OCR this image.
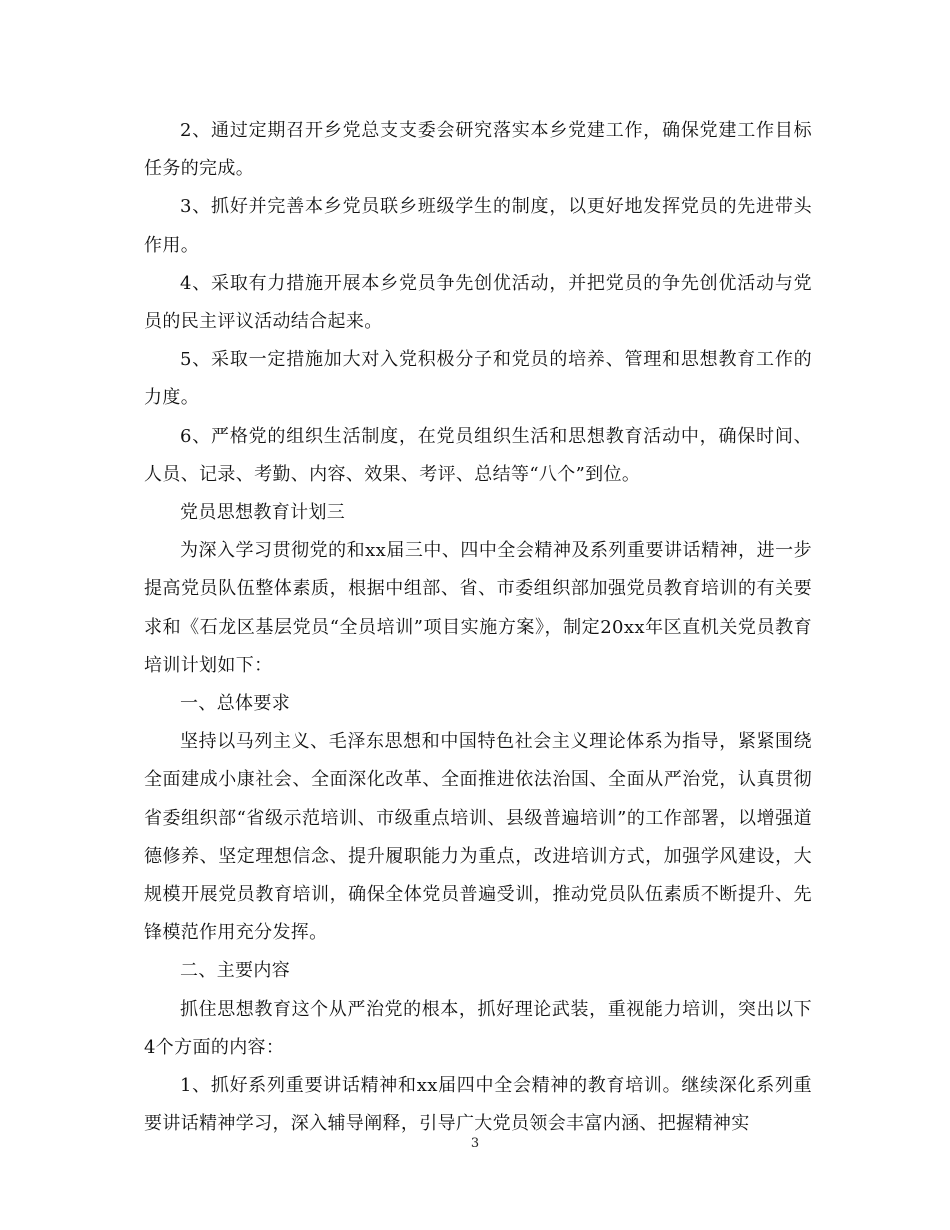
2、通过定期召开乡党总支支委会研究落实本乡党建工作，确保党建工作目标任务的完成。

3、抓好并完善本乡党员联乡班级学生的制度，以更好地发挥党员的先进带头作用。

4、采取有力措施开展本乡党员争先创优活动，并把党员的争先创优活动与党员的民主评议活动结合起来。

5、采取一定措施加大对入党积极分子和党员的培养、管理和思想教育工作的力度。

6、严格党的组织生活制度，在党员组织生活和思想教育活动中，确保时间、人员、记录、考勤、内容、效果、考评、总结等“八个”到位。

党员思想教育计划三

为深入学习贯彻党的和xx届三中、四中全会精神及系列重要讲话精神，进一步提高党员队伍整体素质，根据中组部、省、市委组织部加强党员教育培训的有关要求和《石龙区基层党员“全员培训”项目实施方案》，制定20xx年区直机关党员教育培训计划如下：

一、总体要求

坚持以马列主义、毛泽东思想和中国特色社会主义理论体系为指导，紧紧围绕全面建成小康社会、全面深化改革、全面推进依法治国、全面从严治党，认真贯彻省委组织部“省级示范培训、市级重点培训、县级普遍培训”的工作部署，以增强道德修养、坚定理想信念、提升履职能力为重点，改进培训方式，加强学风建设，大规模开展党员教育培训，确保全体党员普遍受训，推动党员队伍素质不断提升、先锋模范作用充分发挥。

二、主要内容

抓住思想教育这个从严治党的根本，抓好理论武装，重视能力培训，突出以下4个方面的内容：

1、抓好系列重要讲话精神和xx届四中全会精神的教育培训。继续深化系列重要讲话精神学习，深入辅导阐释，引导广大党员领会丰富内涵、把握精神实

3
